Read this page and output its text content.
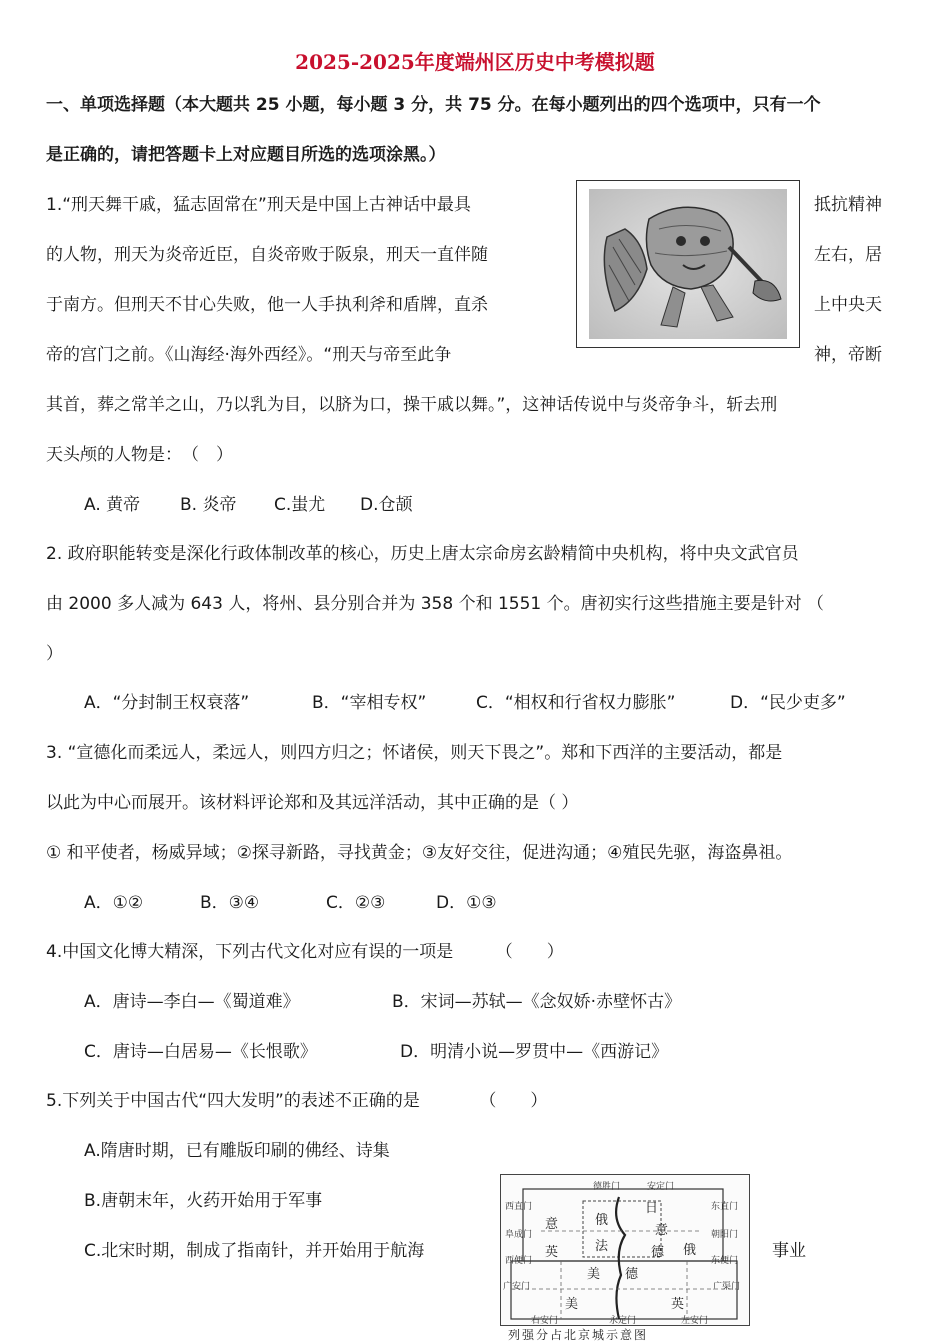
2025-2025年度端州区历史中考模拟题
一、单项选择题（本大题共 25 小题，每小题 3 分，共 75 分。在每小题列出的四个选项中，只有一个
是正确的，请把答题卡上对应题目所选的选项涂黑。）
1.“刑天舞干戚，猛志固常在”刑天是中国上古神话中最具
的人物，刑天为炎帝近臣，自炎帝败于阪泉，刑天一直伴随
于南方。但刑天不甘心失败，他一人手执利斧和盾牌，直杀
帝的宫门之前。《山海经·海外西经》。“刑天与帝至此争
抵抗精神
左右，居
上中央天
神，帝断
其首，葬之常羊之山，乃以乳为目，以脐为口，操干戚以舞。”，这神话传说中与炎帝争斗，斩去刑
天头颅的人物是：　（　）
A. 黄帝 B. 炎帝 C.蚩尤 D.仓颉
2. 政府职能转变是深化行政体制改革的核心，历史上唐太宗命房玄龄精简中央机构，将中央文武官员
由 2000 多人减为 643 人，将州、县分别合并为 358 个和 1551 个。唐初实行这些措施主要是针对 （
）
A．“分封制王权衰落”	B．“宰相专权”	C．“相权和行省权力膨胀”	D．“民少吏多”
3. “宣德化而柔远人，柔远人，则四方归之；怀诸侯，则天下畏之”。郑和下西洋的主要活动，都是
以此为中心而展开。该材料评论郑和及其远洋活动，其中正确的是（ ）
① 和平使者，杨威异域；②探寻新路，寻找黄金；③友好交往，促进沟通；④殖民先驱，海盗鼻祖。
A．①②	B．③④	C．②③	D．①③
4.中国文化博大精深，下列古代文化对应有误的一项是　　　（　　）
A．唐诗—李白—《蜀道难》	B．宋词—苏轼—《念奴娇·赤壁怀古》
C．唐诗—白居易—《长恨歌》	D．明清小说—罗贯中—《西游记》
5.下列关于中国古代“四大发明”的表述不正确的是　　　　（　　）
A.隋唐时期，已有雕版印刷的佛经、诗集
B.唐朝末年，火药开始用于军事
C.北宋时期，制成了指南针，并开始用于航海	事业
德胜门	安定门
西直门	东直门
阜成门	朝阳门
西便门	东便门
广安门	广渠门
右安门	永定门	左安门
日
意
英
俄
法
意
俄
美 德
德
美	英
列强分占北京城示意图
